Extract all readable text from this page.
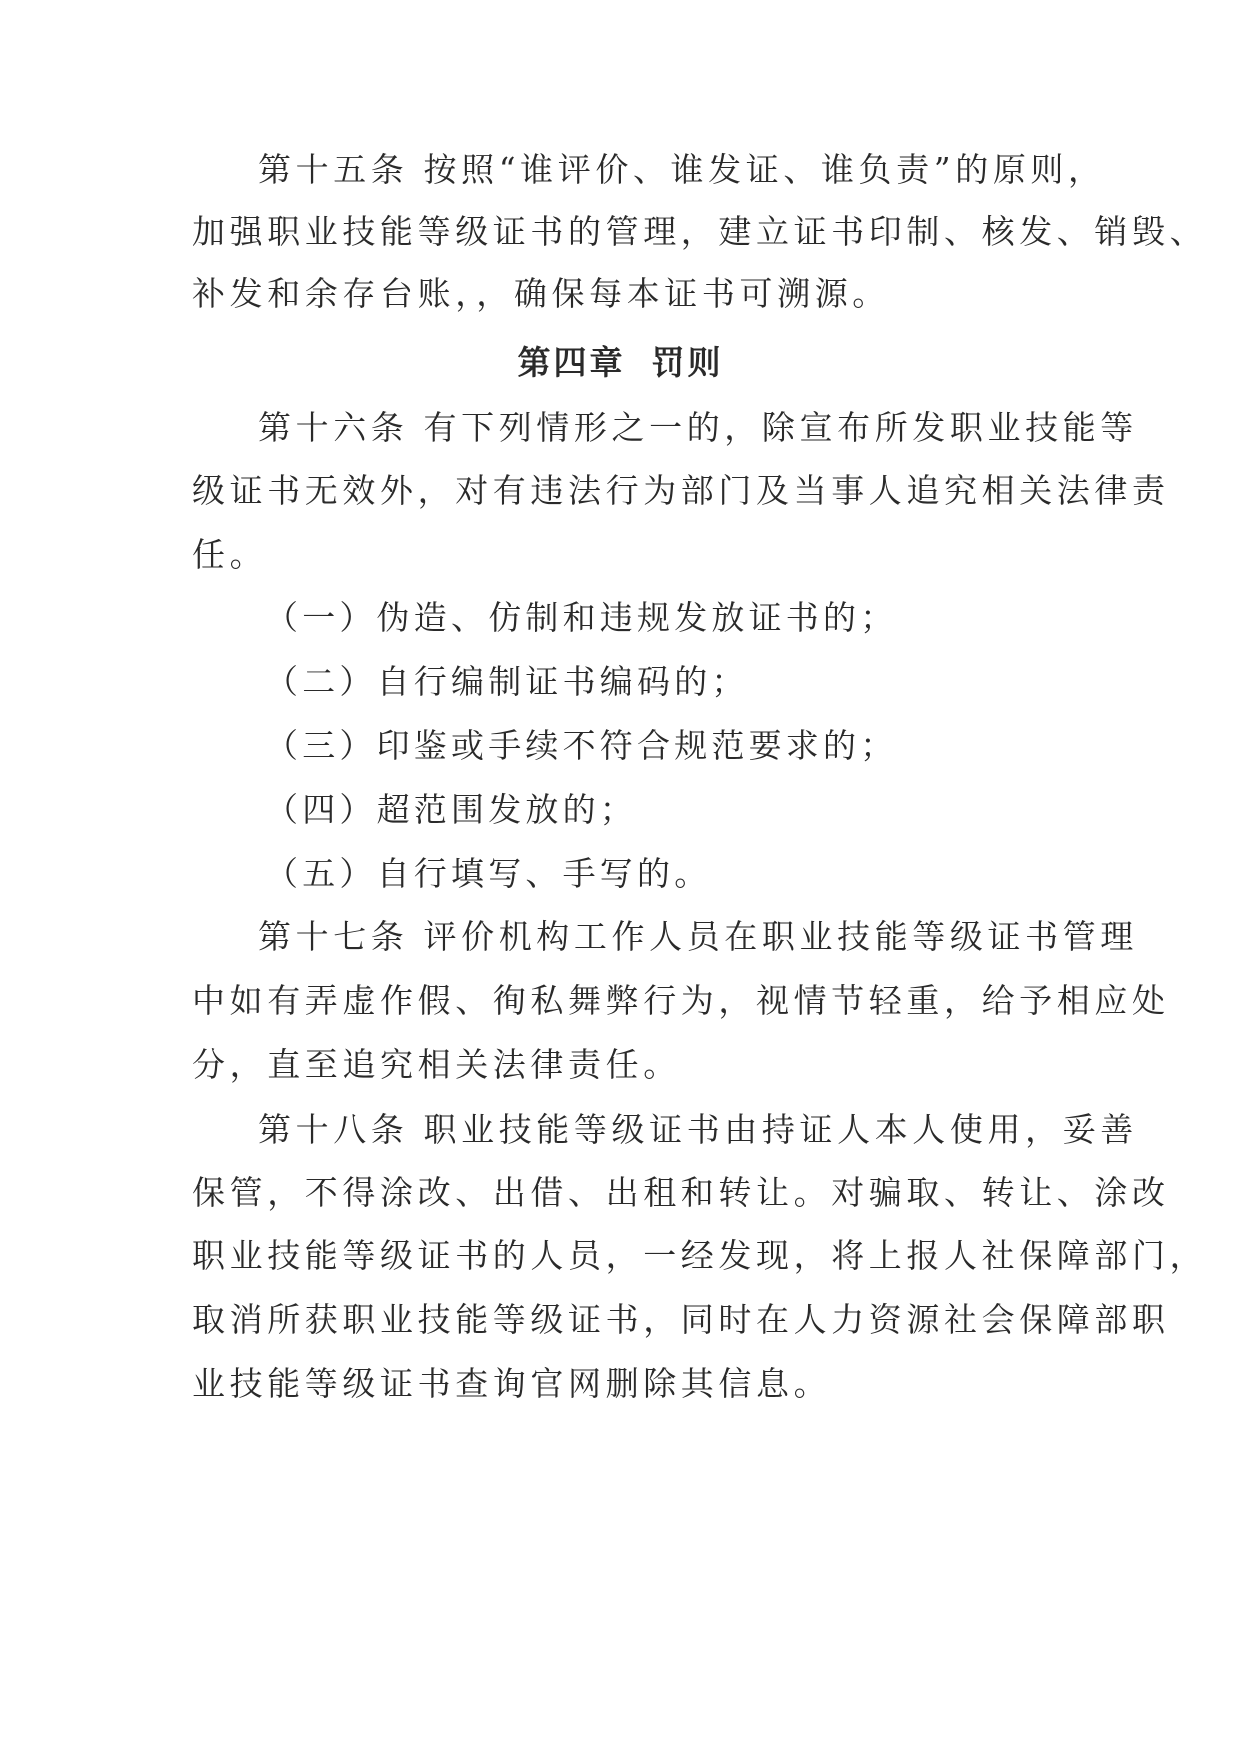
第十五条 按照“谁评价、谁发证、谁负责”的原则，
加强职业技能等级证书的管理，建立证书印制、核发、销毁、
补发和余存台账，，确保每本证书可溯源。
第四章 罚则
第十六条 有下列情形之一的，除宣布所发职业技能等
级证书无效外，对有违法行为部门及当事人追究相关法律责
任。
（一）伪造、仿制和违规发放证书的；
（二）自行编制证书编码的；
（三）印鉴或手续不符合规范要求的；
（四）超范围发放的；
（五）自行填写、手写的。
第十七条 评价机构工作人员在职业技能等级证书管理
中如有弄虚作假、徇私舞弊行为，视情节轻重，给予相应处
分，直至追究相关法律责任。
第十八条 职业技能等级证书由持证人本人使用，妥善
保管，不得涂改、出借、出租和转让。对骗取、转让、涂改
职业技能等级证书的人员，一经发现，将上报人社保障部门，
取消所获职业技能等级证书，同时在人力资源社会保障部职
业技能等级证书查询官网删除其信息。
